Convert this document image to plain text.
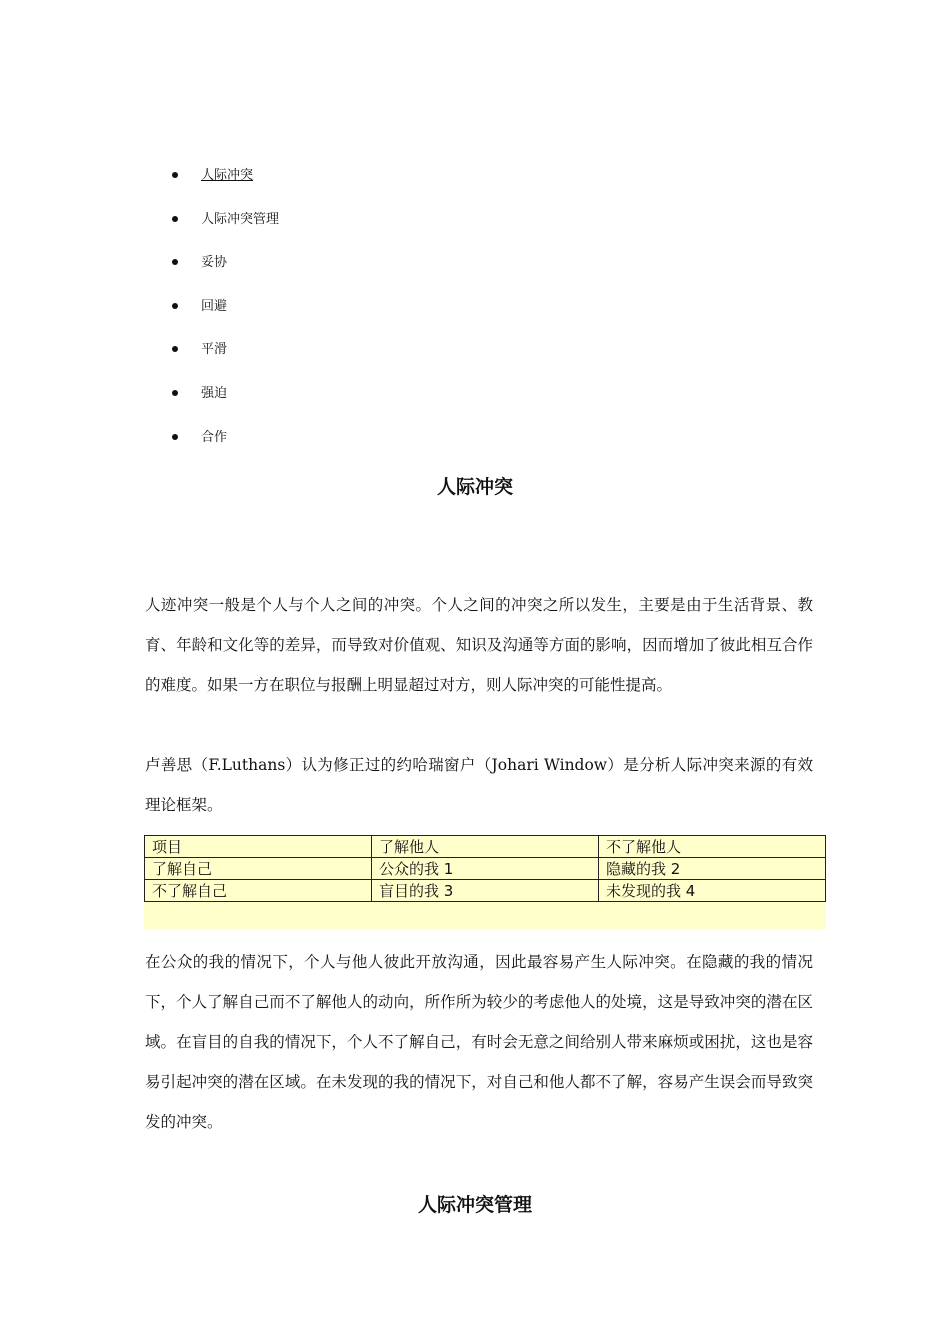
人际冲突
人际冲突管理
妥协
回避
平滑
强迫
合作
人际冲突

人迹冲突一般是个人与个人之间的冲突。个人之间的冲突之所以发生，主要是由于生活背景、教育、年龄和文化等的差异，而导致对价值观、知识及沟通等方面的影响，因而增加了彼此相互合作的难度。如果一方在职位与报酬上明显超过对方，则人际冲突的可能性提高。

卢善思（F.Luthans）认为修正过的约哈瑞窗户（Johari Window）是分析人际冲突来源的有效理论框架。

项目	了解他人	不了解他人
了解自己	公众的我 1	隐藏的我 2
不了解自己	盲目的我 3	未发现的我 4

在公众的我的情况下，个人与他人彼此开放沟通，因此最容易产生人际冲突。在隐藏的我的情况下，个人了解自己而不了解他人的动向，所作所为较少的考虑他人的处境，这是导致冲突的潜在区域。在盲目的自我的情况下，个人不了解自己，有时会无意之间给别人带来麻烦或困扰，这也是容易引起冲突的潜在区域。在未发现的我的情况下，对自己和他人都不了解，容易产生误会而导致突发的冲突。

人际冲突管理
